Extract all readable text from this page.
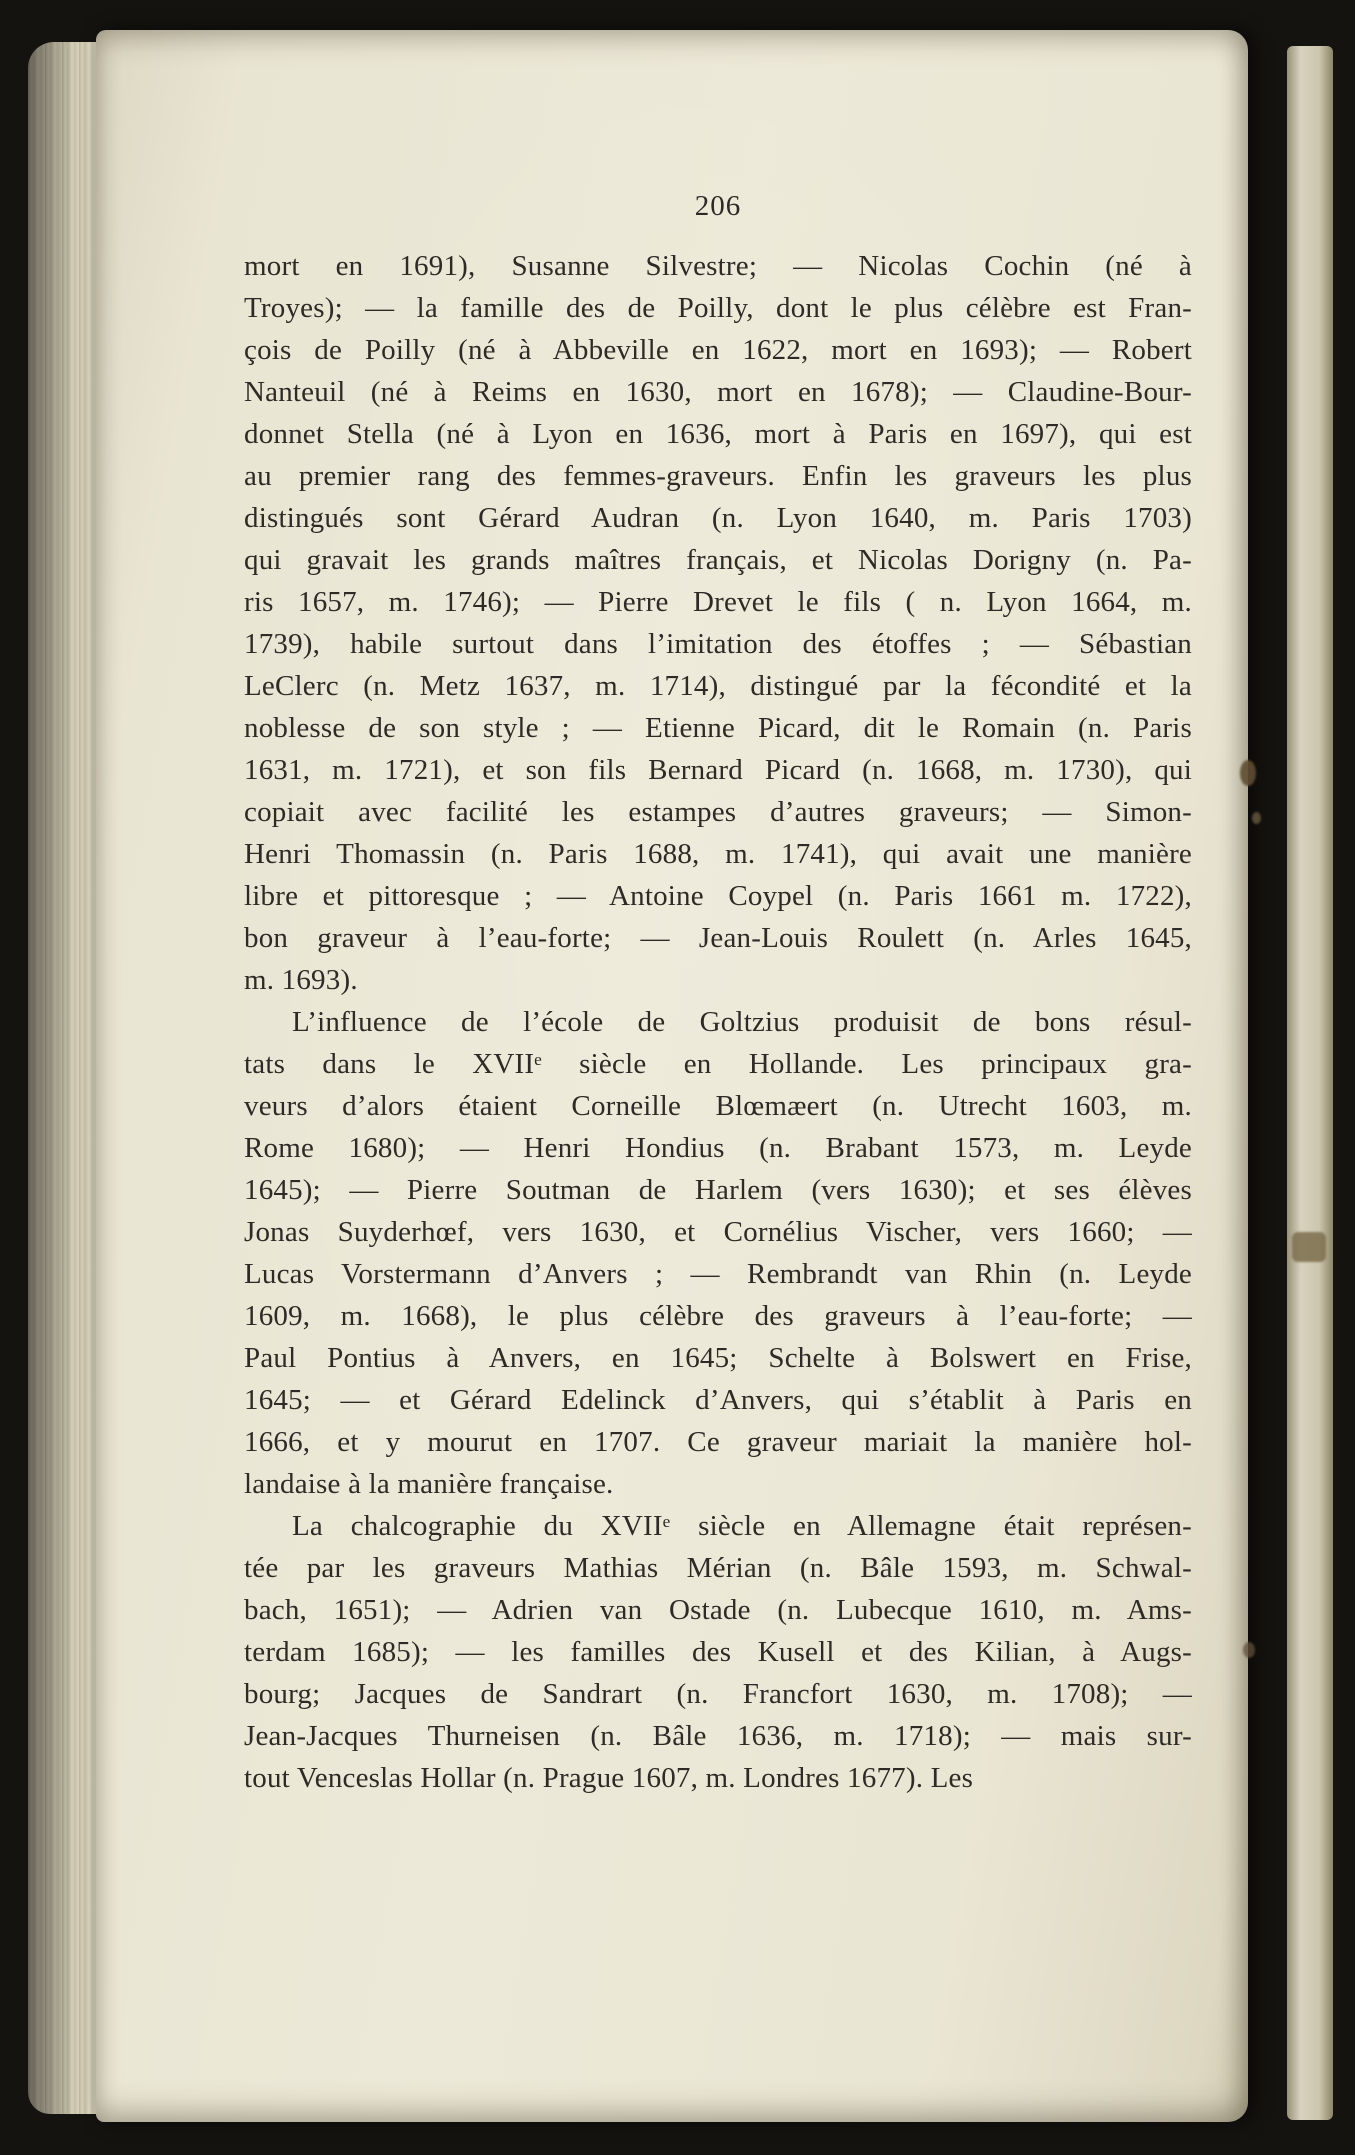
206
mort en 1691), Susanne Silvestre; — Nicolas Cochin (né à
Troyes); — la famille des de Poilly, dont le plus célèbre est Fran-
çois de Poilly (né à Abbeville en 1622, mort en 1693); — Robert
Nanteuil (né à Reims en 1630, mort en 1678); — Claudine-Bour-
donnet Stella (né à Lyon en 1636, mort à Paris en 1697), qui est
au premier rang des femmes-graveurs. Enfin les graveurs les plus
distingués sont Gérard Audran (n. Lyon 1640, m. Paris 1703)
qui gravait les grands maîtres français, et Nicolas Dorigny (n. Pa-
ris 1657, m. 1746); — Pierre Drevet le fils ( n. Lyon 1664, m.
1739), habile surtout dans l’imitation des étoffes ; — Sébastian
LeClerc (n. Metz 1637, m. 1714), distingué par la fécondité et la
noblesse de son style ; — Etienne Picard, dit le Romain (n. Paris
1631, m. 1721), et son fils Bernard Picard (n. 1668, m. 1730), qui
copiait avec facilité les estampes d’autres graveurs; — Simon-
Henri Thomassin (n. Paris 1688, m. 1741), qui avait une manière
libre et pittoresque ; — Antoine Coypel (n. Paris 1661 m. 1722),
bon graveur à l’eau-forte; — Jean-Louis Roulett (n. Arles 1645,
m. 1693).
L’influence de l’école de Goltzius produisit de bons résul-
tats dans le XVIIᵉ siècle en Hollande. Les principaux gra-
veurs d’alors étaient Corneille Blœmæert (n. Utrecht 1603, m.
Rome 1680); — Henri Hondius (n. Brabant 1573, m. Leyde
1645); — Pierre Soutman de Harlem (vers 1630); et ses élèves
Jonas Suyderhœf, vers 1630, et Cornélius Vischer, vers 1660; —
Lucas Vorstermann d’Anvers ; — Rembrandt van Rhin (n. Leyde
1609, m. 1668), le plus célèbre des graveurs à l’eau-forte; —
Paul Pontius à Anvers, en 1645; Schelte à Bolswert en Frise,
1645; — et Gérard Edelinck d’Anvers, qui s’établit à Paris en
1666, et y mourut en 1707. Ce graveur mariait la manière hol-
landaise à la manière française.
La chalcographie du XVIIᵉ siècle en Allemagne était représen-
tée par les graveurs Mathias Mérian (n. Bâle 1593, m. Schwal-
bach, 1651); — Adrien van Ostade (n. Lubecque 1610, m. Ams-
terdam 1685); — les familles des Kusell et des Kilian, à Augs-
bourg; Jacques de Sandrart (n. Francfort 1630, m. 1708); —
Jean-Jacques Thurneisen (n. Bâle 1636, m. 1718); — mais sur-
tout Venceslas Hollar (n. Prague 1607, m. Londres 1677). Les
